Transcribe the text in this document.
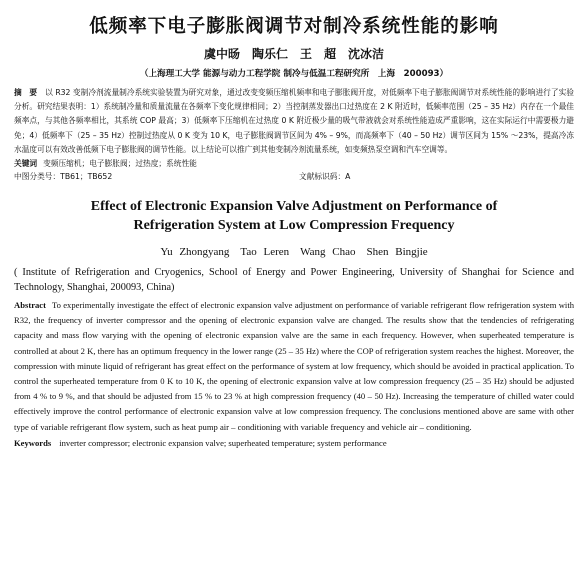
低频率下电子膨胀阀调节对制冷系统性能的影响
虞中旸　陶乐仁　王　超　沈冰洁
（上海理工大学 能源与动力工程学院 制冷与低温工程研究所　上海　200093）
摘　要 以 R32 变制冷剂流量制冷系统实验装置为研究对象，通过改变变频压缩机频率和电子膨胀阀开度，对低频率下电子膨胀阀调节对系统性能的影响进行了实验分析。研究结果表明：1）系统制冷量和质量流量在各频率下变化规律相同；2）当控制蒸发器出口过热度在 2 K 附近时，低频率范围（25 – 35 Hz）内存在一个最佳频率点，与其他各频率相比，其系统 COP 最高；3）低频率下压缩机在过热度 0 K 附近极少量的吸气带液就会对系统性能造成严重影响，这在实际运行中需要极力避免；4）低频率下（25 – 35 Hz）控制过热度从 0 K 变为 10 K，电子膨胀阀调节区间为 4% – 9%，而高频率下（40 – 50 Hz）调节区间为 15% ～23%，提高冷冻水温度可以有效改善低频下电子膨胀阀的调节性能。以上结论可以推广到其他变制冷剂流量系统，如变频热泵空调和汽车空调等。
关键词 变频压缩机；电子膨胀阀；过热度；系统性能
中图分类号：TB61；TB652	文献标识码：A
Effect of Electronic Expansion Valve Adjustment on Performance of
Refrigeration System at Low Compression Frequency
Yu Zhongyang　Tao Leren　Wang Chao　Shen Bingjie
( Institute of Refrigeration and Cryogenics, School of Energy and Power Engineering, University of Shanghai for Science and Technology, Shanghai, 200093, China)
Abstract To experimentally investigate the effect of electronic expansion valve adjustment on performance of variable refrigerant flow refrigeration system with R32, the frequency of inverter compressor and the opening of electronic expansion valve are changed. The results show that the tendencies of refrigerating capacity and mass flow varying with the opening of electronic expansion valve are the same in each frequency. However, when superheated temperature is controlled at about 2 K, there has an optimum frequency in the lower range (25 – 35 Hz) where the COP of refrigeration system reaches the highest. Moreover, the compression with minute liquid of refrigerant has great effect on the performance of system at low frequency, which should be avoided in practical application. To control the superheated temperature from 0 K to 10 K, the opening of electronic expansion valve at low compression frequency (25 – 35 Hz) should be adjusted from 4 % to 9 %, and that should be adjusted from 15 % to 23 % at high compression frequency (40 – 50 Hz). Increasing the temperature of chilled water could effectively improve the control performance of electronic expansion valve at low compression frequency. The conclusions mentioned above are same with other type of variable refrigerant flow system, such as heat pump air – conditioning with variable frequency and vehicle air – conditioning.
Keywords inverter compressor; electronic expansion valve; superheated temperature; system performance
